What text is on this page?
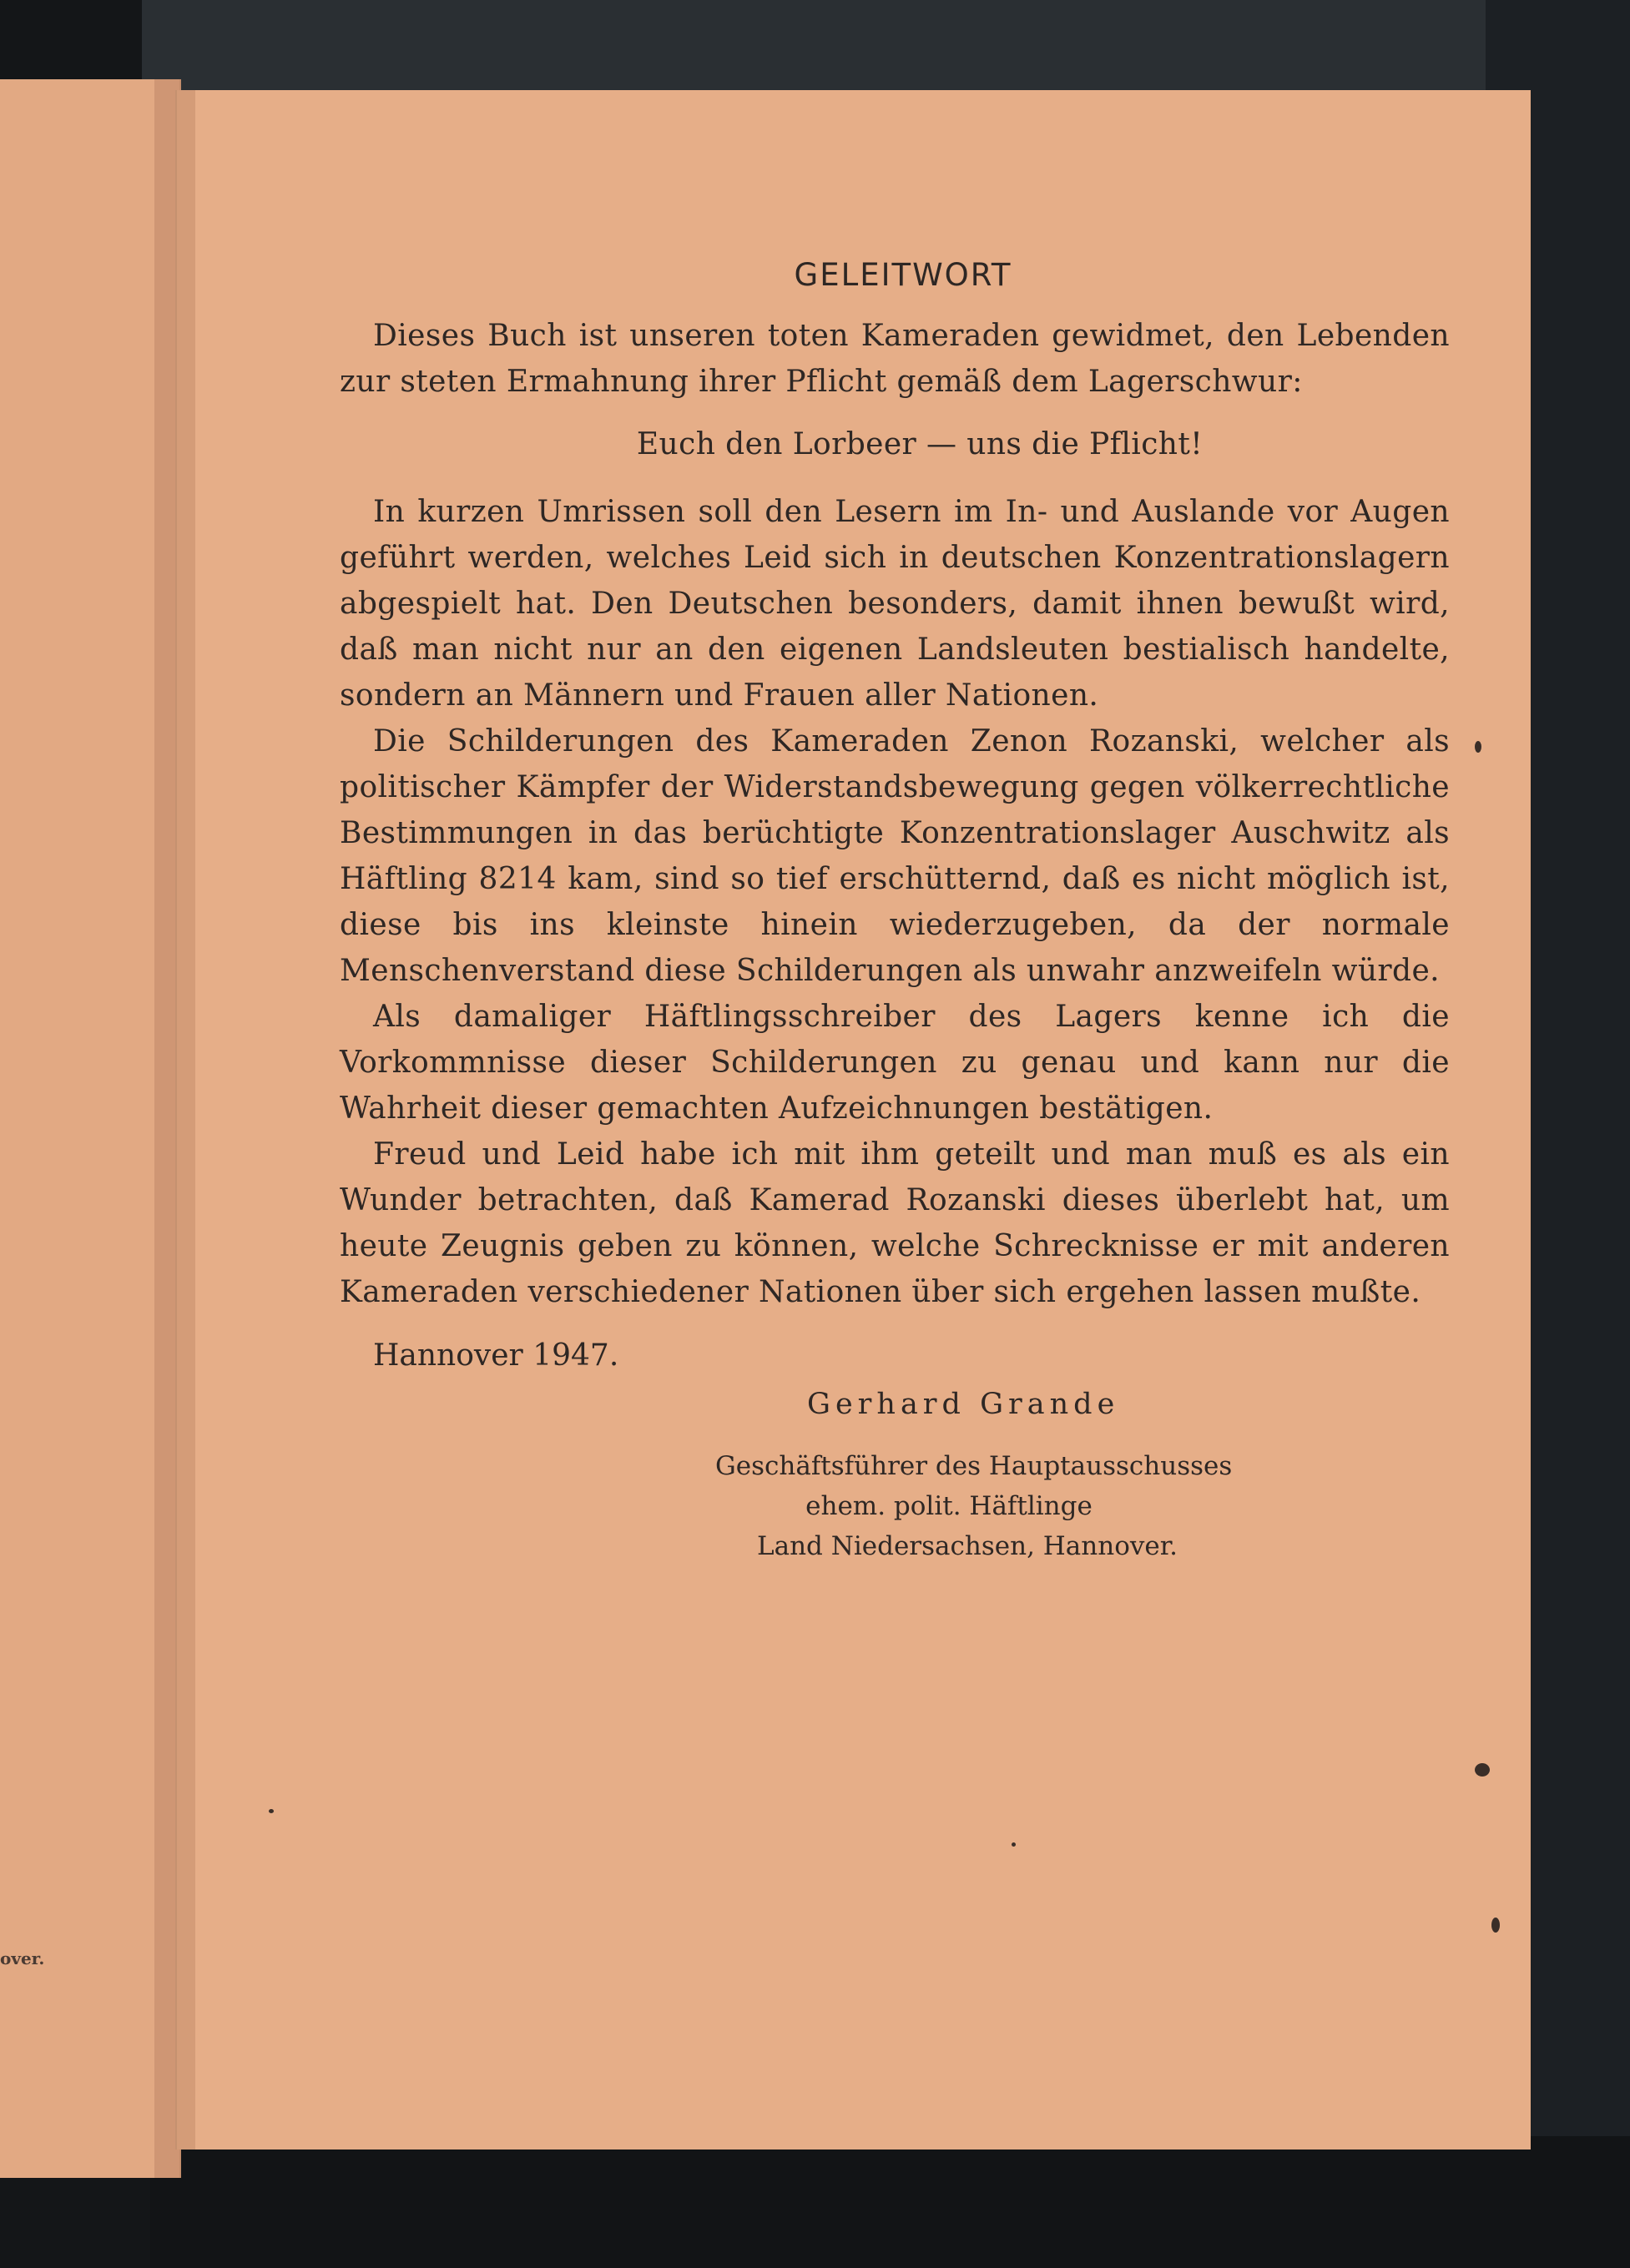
over.
GELEITWORT

Dieses Buch ist unseren toten Kameraden gewidmet, den Lebenden zur steten Ermahnung ihrer Pflicht gemäß dem Lagerschwur:

Euch den Lorbeer — uns die Pflicht!

In kurzen Umrissen soll den Lesern im In- und Auslande vor Augen geführt werden, welches Leid sich in deutschen Konzentrationslagern abgespielt hat. Den Deutschen besonders, damit ihnen bewußt wird, daß man nicht nur an den eigenen Landsleuten bestialisch handelte, sondern an Männern und Frauen aller Nationen.

Die Schilderungen des Kameraden Zenon Rozanski, welcher als politischer Kämpfer der Widerstandsbewegung gegen völkerrechtliche Bestimmungen in das berüchtigte Konzentrationslager Auschwitz als Häftling 8214 kam, sind so tief erschütternd, daß es nicht möglich ist, diese bis ins kleinste hinein wiederzugeben, da der normale Menschenverstand diese Schilderungen als unwahr anzweifeln würde.

Als damaliger Häftlingsschreiber des Lagers kenne ich die Vorkommnisse dieser Schilderungen zu genau und kann nur die Wahrheit dieser gemachten Aufzeichnungen bestätigen.

Freud und Leid habe ich mit ihm geteilt und man muß es als ein Wunder betrachten, daß Kamerad Rozanski dieses überlebt hat, um heute Zeugnis geben zu können, welche Schrecknisse er mit anderen Kameraden verschiedener Nationen über sich ergehen lassen mußte.

Hannover 1947.
Gerhard Grande
Geschäftsführer des Hauptausschusses
ehem. polit. Häftlinge
Land Niedersachsen, Hannover.
